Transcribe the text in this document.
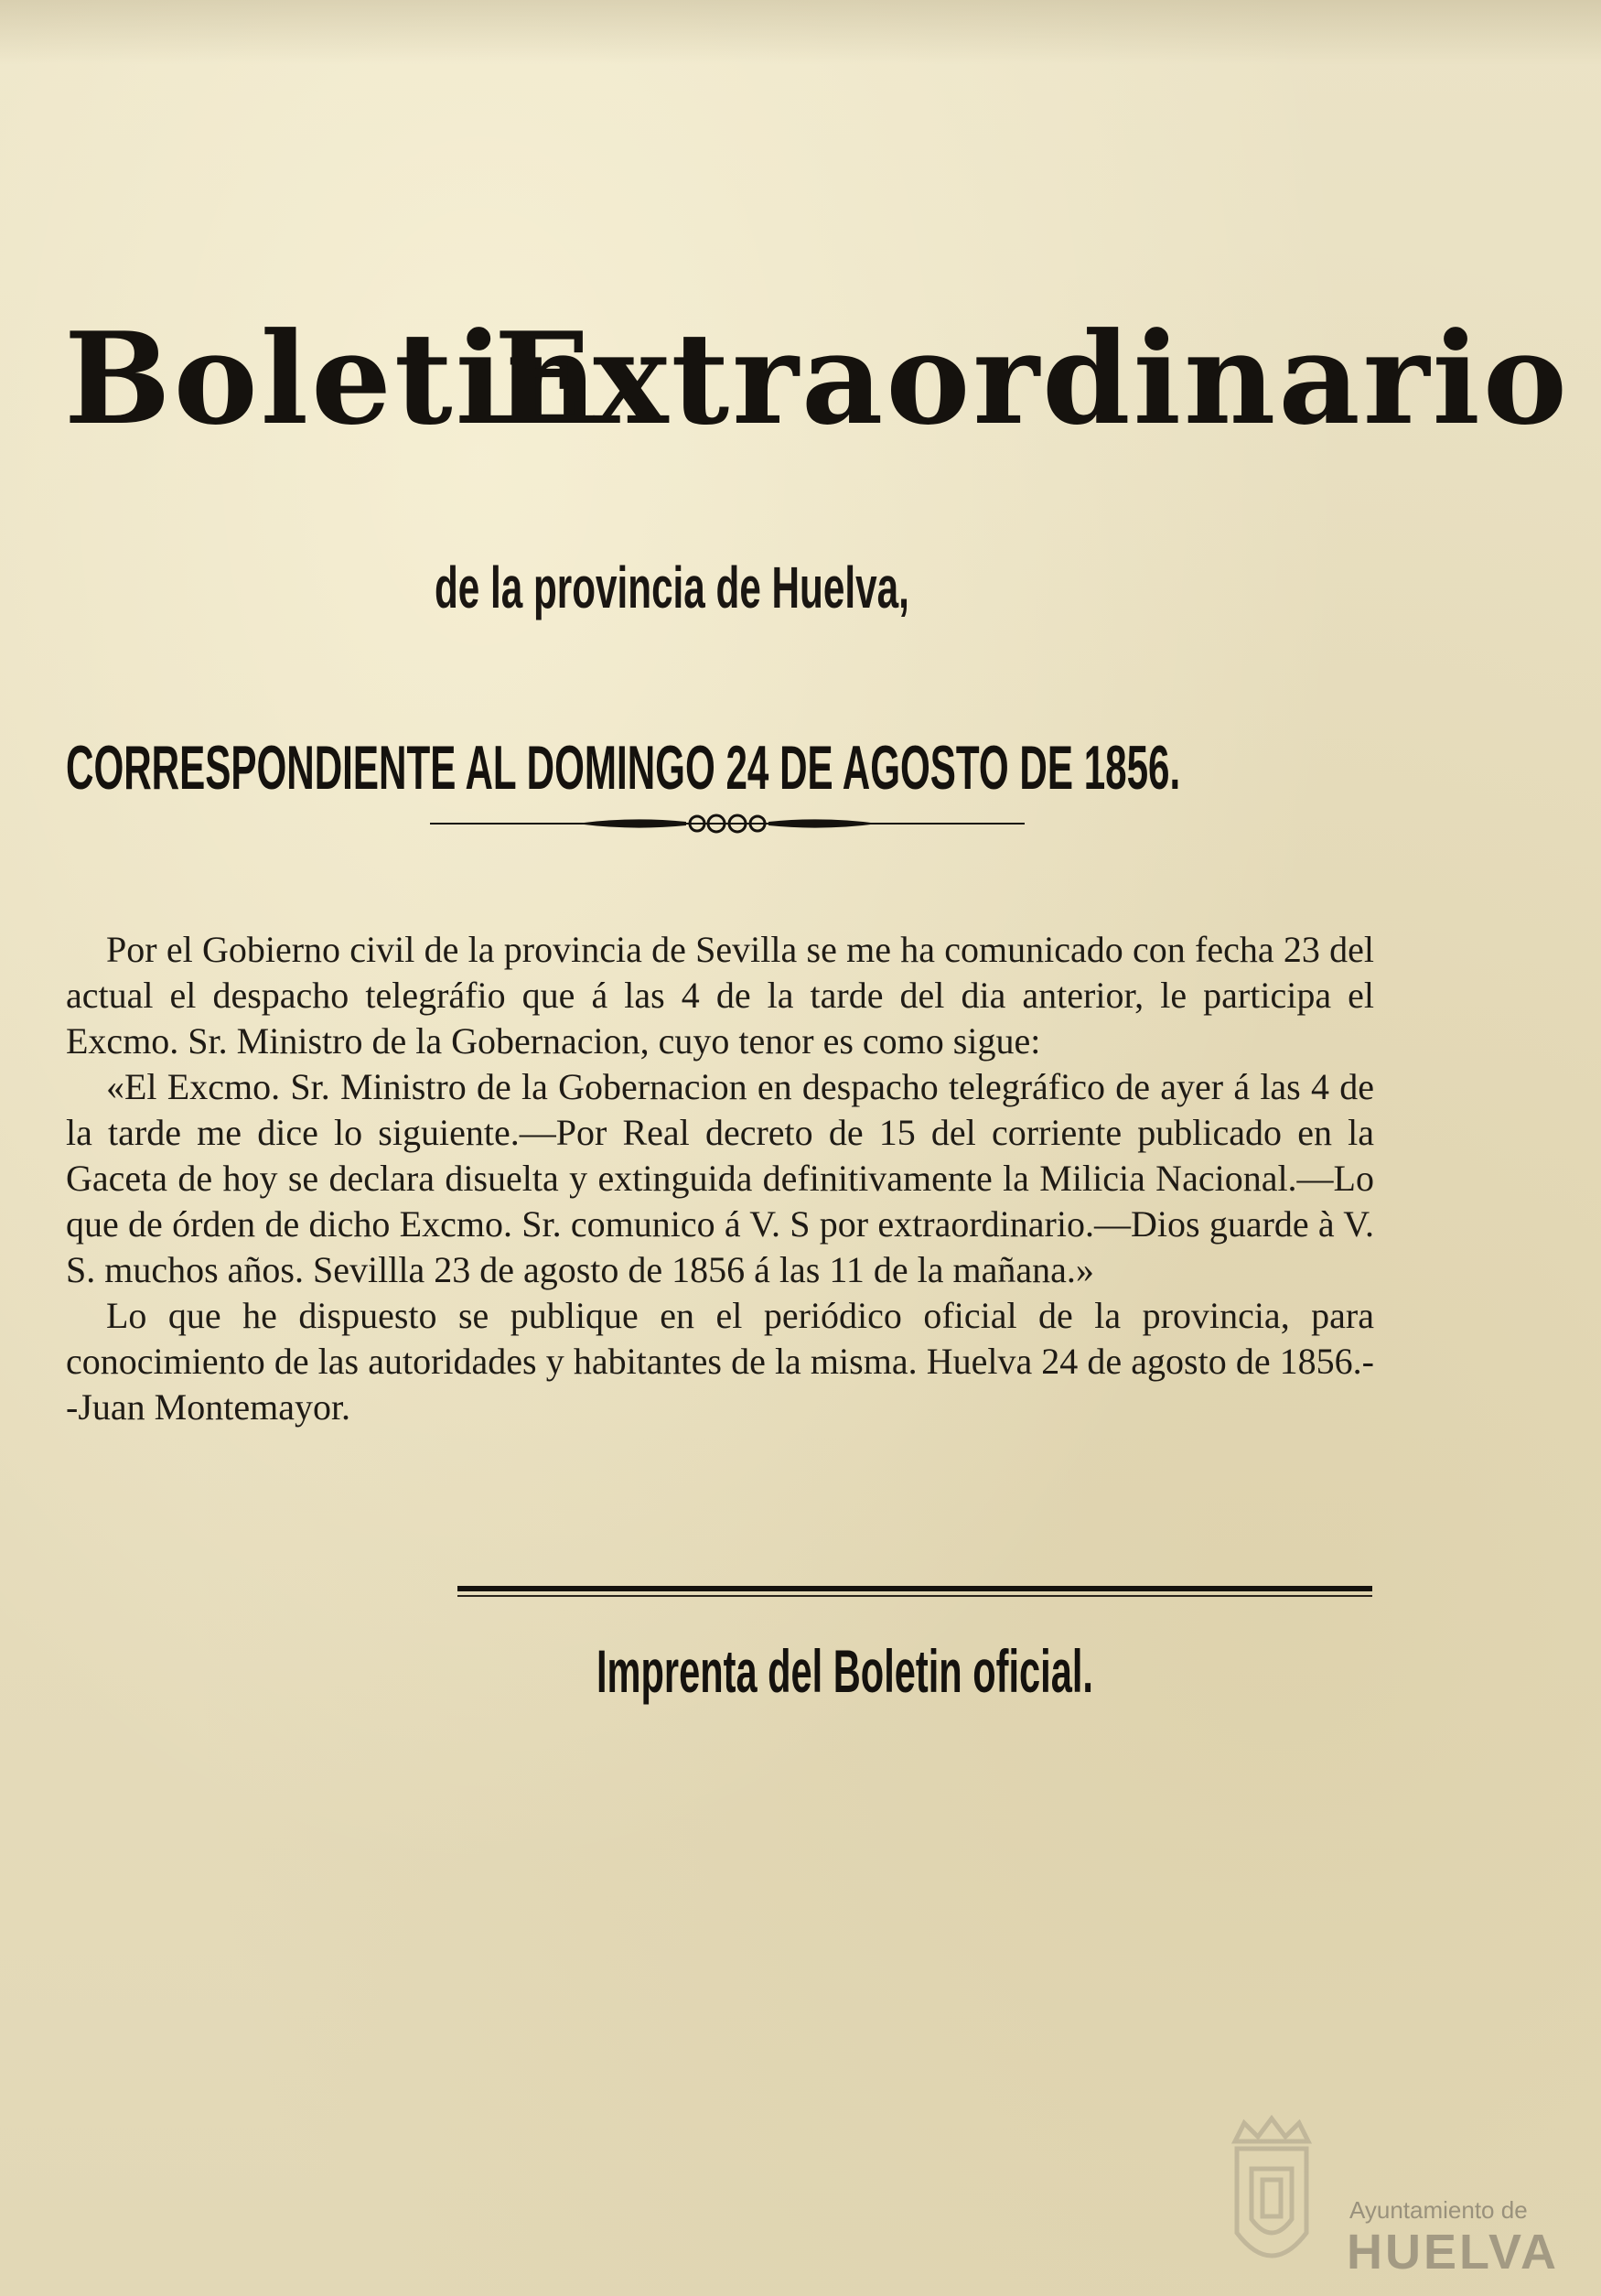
BoletinExtraordinario
de la provincia de Huelva,
CORRESPONDIENTE AL DOMINGO 24 DE AGOSTO DE 1856.

Por el Gobierno civil de la provincia de Sevilla se me ha comunicado con fecha 23 del actual el despacho telegráfio que á las 4 de la tarde del dia anterior, le participa el Excmo. Sr. Ministro de la Gobernacion, cuyo tenor es como sigue:

«El Excmo. Sr. Ministro de la Gobernacion en despacho telegráfico de ayer á las 4 de la tarde me dice lo siguiente.—Por Real decreto de 15 del corriente publicado en la Gaceta de hoy se declara disuelta y extinguida definitivamente la Milicia Nacional.—Lo que de órden de dicho Excmo. Sr. comunico á V. S por extraordinario.—Dios guarde à V. S. muchos años. Sevillla 23 de agosto de 1856 á las 11 de la mañana.»

Lo que he dispuesto se publique en el periódico oficial de la provincia, para conocimiento de las autoridades y habitantes de la misma. Huelva 24 de agosto de 1856.--Juan Montemayor.

Imprenta del Boletin oficial.
Ayuntamiento de
HUELVA
